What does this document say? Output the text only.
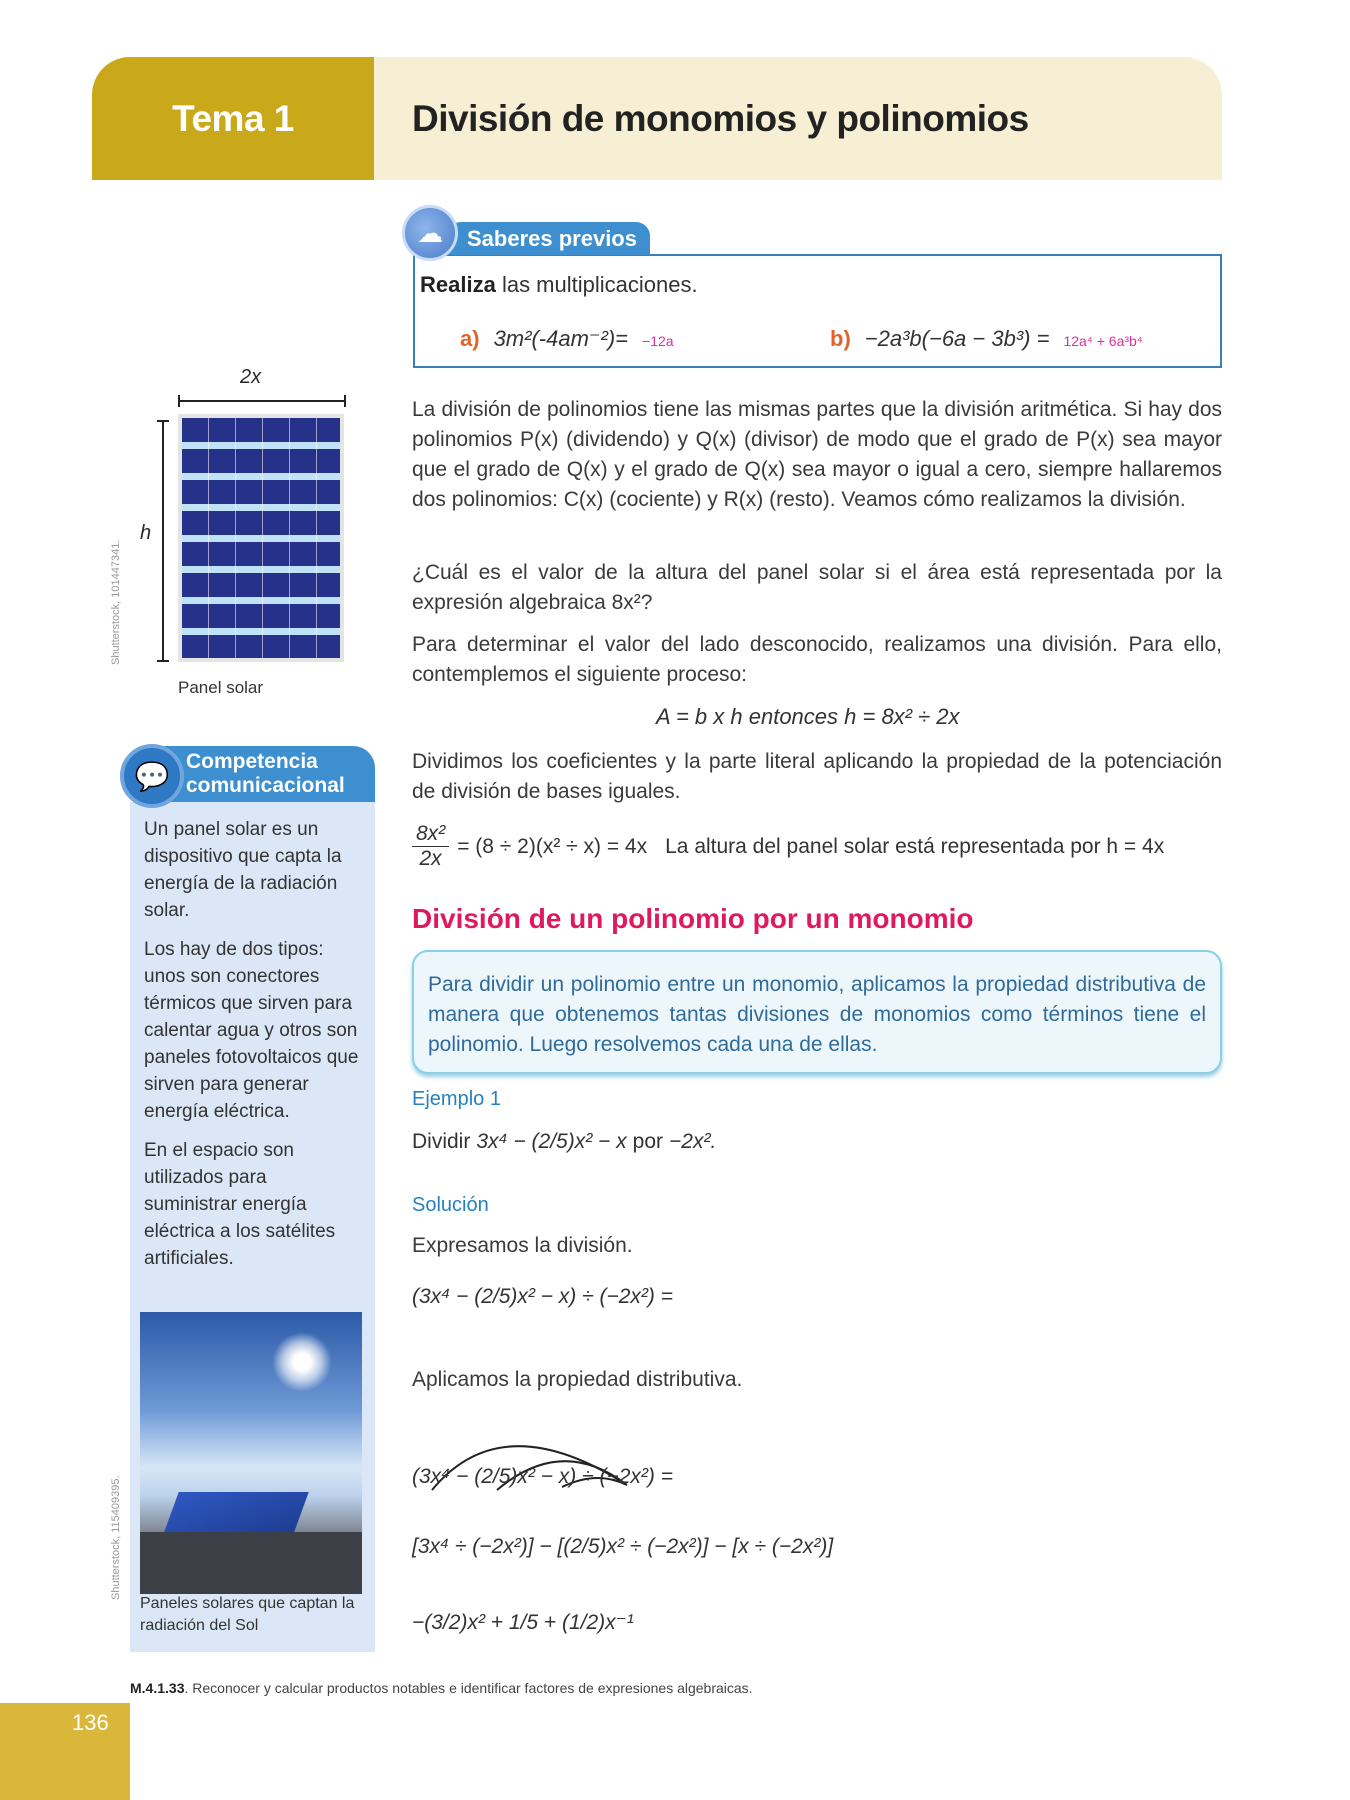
Tema 1	División de monomios y polinomios
Saberes previos
☁
Realiza las multiplicaciones.
a) 3m²(-4am⁻²)= −12a	b) −2a³b(−6a − 3b³) = 12a⁴ + 6a³b⁴
2x
h
Panel solar
Shutterstock, 101447341.

Un panel solar es un dispositivo que capta la energía de la radiación solar.

Los hay de dos tipos: unos son conectores térmicos que sirven para calentar agua y otros son paneles fotovoltaicos que sirven para generar energía eléctrica.

En el espacio son utilizados para suministrar energía eléctrica a los satélites artificiales.

Competencia
comunicacional
💬
Paneles solares que captan la radiación del Sol
Shutterstock, 115409395.
La división de polinomios tiene las mismas partes que la división aritmética. Si hay dos polinomios P(x) (dividendo) y Q(x) (divisor) de modo que el grado de P(x) sea mayor que el grado de Q(x) y el grado de Q(x) sea mayor o igual a cero, siempre hallaremos dos polinomios: C(x) (cociente) y R(x) (resto). Veamos cómo realizamos la división.
¿Cuál es el valor de la altura del panel solar si el área está representada por la expresión algebraica 8x²?
Para determinar el valor del lado desconocido, realizamos una división. Para ello, contemplemos el siguiente proceso:
A = b x h entonces h = 8x² ÷ 2x
Dividimos los coeficientes y la parte literal aplicando la propiedad de la potenciación de división de bases iguales.
$\frac{\text{8x²}}{2x} = (8 \div 2)(x^2 \div x) = 4x$ La altura del panel solar está representada por h = 4x
División de un polinomio por un monomio
Para dividir un polinomio entre un monomio, aplicamos la propiedad distributiva de manera que obtenemos tantas divisiones de monomios como términos tiene el polinomio. Luego resolvemos cada una de ellas.
Ejemplo 1
Dividir 3x⁴ − (2/5)x² − x por −2x².
Solución
Expresamos la división.
(3x⁴ − (2/5)x² − x) ÷ (−2x²) =
Aplicamos la propiedad distributiva.
(3x⁴ − (2/5)x² − x) ÷ (−2x²) =
[3x⁴ ÷ (−2x²)] − [(2/5)x² ÷ (−2x²)] − [x ÷ (−2x²)]
−(3/2)x² + 1/5 + (1/2)x⁻¹
M.4.1.33. Reconocer y calcular productos notables e identificar factores de expresiones algebraicas.
136
